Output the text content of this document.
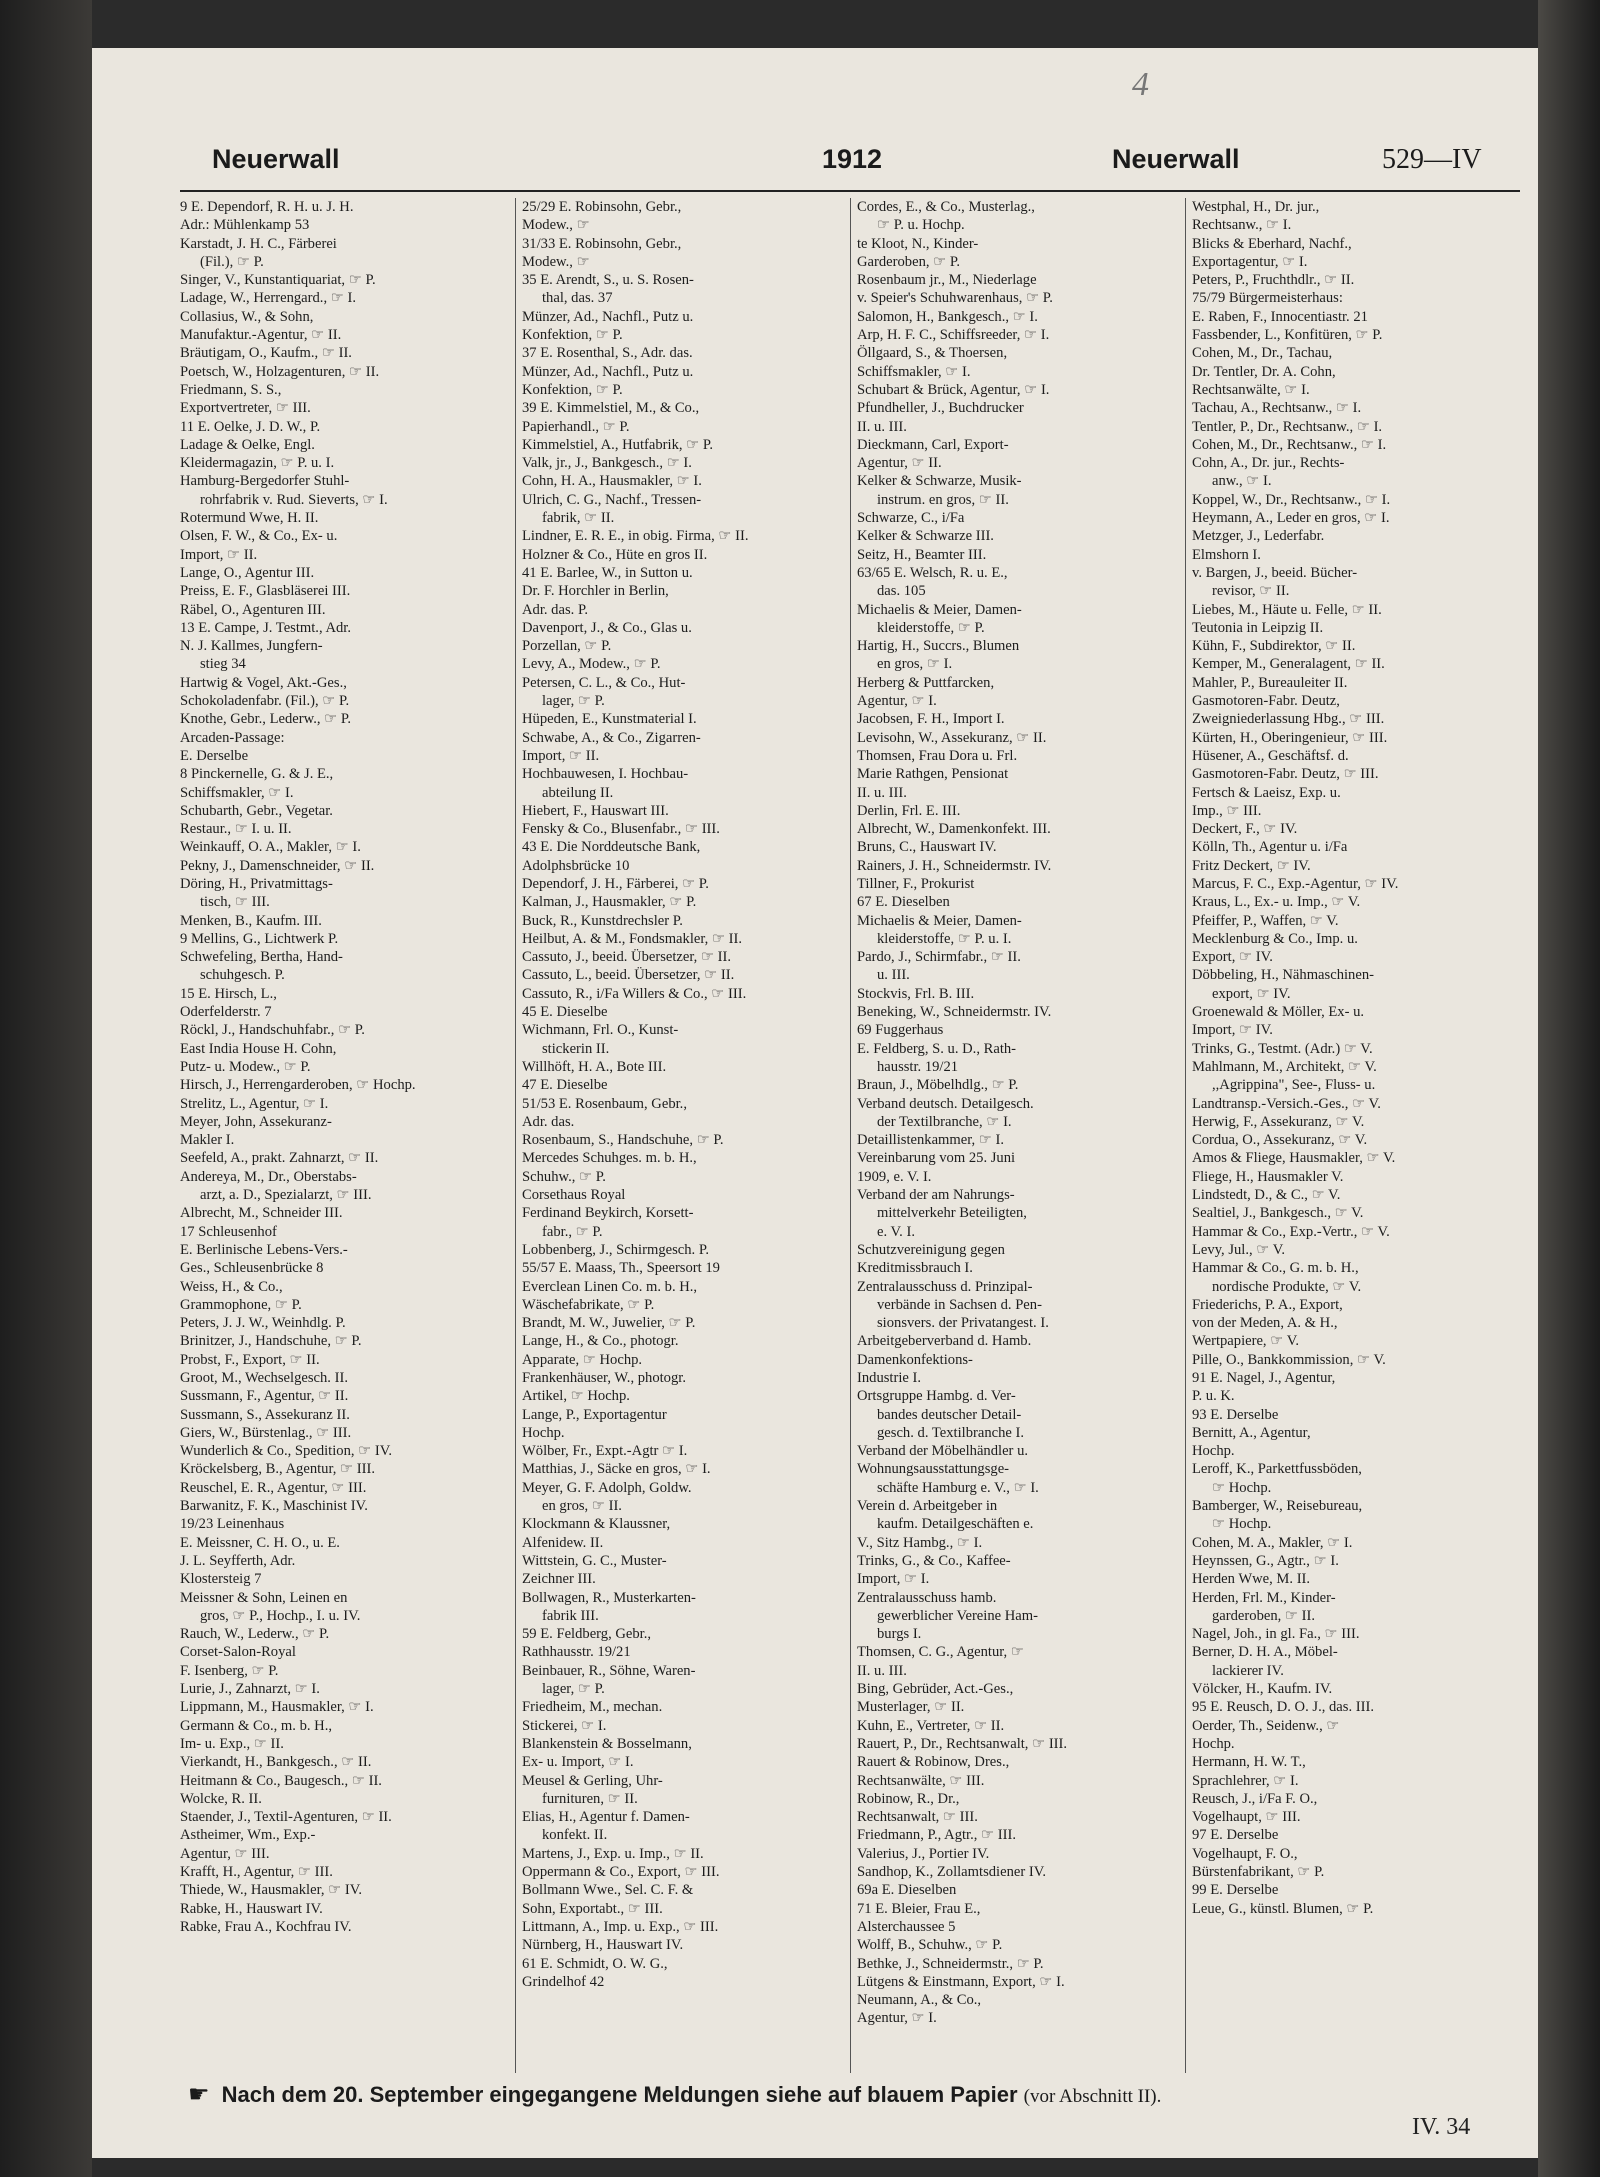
4
Neuerwall	1912	Neuerwall	529—IV

9 E. Dependorf, R. H. u. J. H.

Adr.: Mühlenkamp 53

Karstadt, J. H. C., Färberei

(Fil.), ☞ P.

Singer, V., Kunstantiquariat, ☞ P.

Ladage, W., Herrengard., ☞ I.

Collasius, W., & Sohn,

Manufaktur.-Agentur, ☞ II.

Bräutigam, O., Kaufm., ☞ II.

Poetsch, W., Holzagenturen, ☞ II.

Friedmann, S. S.,

Exportvertreter, ☞ III.

11 E. Oelke, J. D. W., P.

Ladage & Oelke, Engl.

Kleidermagazin, ☞ P. u. I.

Hamburg-Bergedorfer Stuhl-

rohrfabrik v. Rud. Sieverts, ☞ I.

Rotermund Wwe, H. II.

Olsen, F. W., & Co., Ex- u.

Import, ☞ II.

Lange, O., Agentur III.

Preiss, E. F., Glasbläserei III.

Räbel, O., Agenturen III.

13 E. Campe, J. Testmt., Adr.

N. J. Kallmes, Jungfern-

stieg 34

Hartwig & Vogel, Akt.-Ges.,

Schokoladenfabr. (Fil.), ☞ P.

Knothe, Gebr., Lederw., ☞ P.

Arcaden-Passage:

E. Derselbe

8 Pinckernelle, G. & J. E.,

Schiffsmakler, ☞ I.

Schubarth, Gebr., Vegetar.

Restaur., ☞ I. u. II.

Weinkauff, O. A., Makler, ☞ I.

Pekny, J., Damenschneider, ☞ II.

Döring, H., Privatmittags-

tisch, ☞ III.

Menken, B., Kaufm. III.

9 Mellins, G., Lichtwerk P.

Schwefeling, Bertha, Hand-

schuhgesch. P.

15 E. Hirsch, L.,

Oderfelderstr. 7

Röckl, J., Handschuhfabr., ☞ P.

East India House H. Cohn,

Putz- u. Modew., ☞ P.

Hirsch, J., Herrengarderoben, ☞ Hochp.

Strelitz, L., Agentur, ☞ I.

Meyer, John, Assekuranz-

Makler I.

Seefeld, A., prakt. Zahnarzt, ☞ II.

Andereya, M., Dr., Oberstabs-

arzt, a. D., Spezialarzt, ☞ III.

Albrecht, M., Schneider III.

17 Schleusenhof

E. Berlinische Lebens-Vers.-

Ges., Schleusenbrücke 8

Weiss, H., & Co.,

Grammophone, ☞ P.

Peters, J. J. W., Weinhdlg. P.

Brinitzer, J., Handschuhe, ☞ P.

Probst, F., Export, ☞ II.

Groot, M., Wechselgesch. II.

Sussmann, F., Agentur, ☞ II.

Sussmann, S., Assekuranz II.

Giers, W., Bürstenlag., ☞ III.

Wunderlich & Co., Spedition, ☞ IV.

Kröckelsberg, B., Agentur, ☞ III.

Reuschel, E. R., Agentur, ☞ III.

Barwanitz, F. K., Maschinist IV.

19/23 Leinenhaus

E. Meissner, C. H. O., u. E.

J. L. Seyfferth, Adr.

Klostersteig 7

Meissner & Sohn, Leinen en

gros, ☞ P., Hochp., I. u. IV.

Rauch, W., Lederw., ☞ P.

Corset-Salon-Royal

F. Isenberg, ☞ P.

Lurie, J., Zahnarzt, ☞ I.

Lippmann, M., Hausmakler, ☞ I.

Germann & Co., m. b. H.,

Im- u. Exp., ☞ II.

Vierkandt, H., Bankgesch., ☞ II.

Heitmann & Co., Baugesch., ☞ II.

Wolcke, R. II.

Staender, J., Textil-Agenturen, ☞ II.

Astheimer, Wm., Exp.-

Agentur, ☞ III.

Krafft, H., Agentur, ☞ III.

Thiede, W., Hausmakler, ☞ IV.

Rabke, H., Hauswart IV.

Rabke, Frau A., Kochfrau IV.

25/29 E. Robinsohn, Gebr.,

Modew., ☞

31/33 E. Robinsohn, Gebr.,

Modew., ☞

35 E. Arendt, S., u. S. Rosen-

thal, das. 37

Münzer, Ad., Nachfl., Putz u.

Konfektion, ☞ P.

37 E. Rosenthal, S., Adr. das.

Münzer, Ad., Nachfl., Putz u.

Konfektion, ☞ P.

39 E. Kimmelstiel, M., & Co.,

Papierhandl., ☞ P.

Kimmelstiel, A., Hutfabrik, ☞ P.

Valk, jr., J., Bankgesch., ☞ I.

Cohn, H. A., Hausmakler, ☞ I.

Ulrich, C. G., Nachf., Tressen-

fabrik, ☞ II.

Lindner, E. R. E., in obig. Firma, ☞ II.

Holzner & Co., Hüte en gros II.

41 E. Barlee, W., in Sutton u.

Dr. F. Horchler in Berlin,

Adr. das. P.

Davenport, J., & Co., Glas u.

Porzellan, ☞ P.

Levy, A., Modew., ☞ P.

Petersen, C. L., & Co., Hut-

lager, ☞ P.

Hüpeden, E., Kunstmaterial I.

Schwabe, A., & Co., Zigarren-

Import, ☞ II.

Hochbauwesen, I. Hochbau-

abteilung II.

Hiebert, F., Hauswart III.

Fensky & Co., Blusenfabr., ☞ III.

43 E. Die Norddeutsche Bank,

Adolphsbrücke 10

Dependorf, J. H., Färberei, ☞ P.

Kalman, J., Hausmakler, ☞ P.

Buck, R., Kunstdrechsler P.

Heilbut, A. & M., Fondsmakler, ☞ II.

Cassuto, J., beeid. Übersetzer, ☞ II.

Cassuto, L., beeid. Übersetzer, ☞ II.

Cassuto, R., i/Fa Willers & Co., ☞ III.

45 E. Dieselbe

Wichmann, Frl. O., Kunst-

stickerin II.

Willhöft, H. A., Bote III.

47 E. Dieselbe

51/53 E. Rosenbaum, Gebr.,

Adr. das.

Rosenbaum, S., Handschuhe, ☞ P.

Mercedes Schuhges. m. b. H.,

Schuhw., ☞ P.

Corsethaus Royal

Ferdinand Beykirch, Korsett-

fabr., ☞ P.

Lobbenberg, J., Schirmgesch. P.

55/57 E. Maass, Th., Speersort 19

Everclean Linen Co. m. b. H.,

Wäschefabrikate, ☞ P.

Brandt, M. W., Juwelier, ☞ P.

Lange, H., & Co., photogr.

Apparate, ☞ Hochp.

Frankenhäuser, W., photogr.

Artikel, ☞ Hochp.

Lange, P., Exportagentur

Hochp.

Wölber, Fr., Expt.-Agtr ☞ I.

Matthias, J., Säcke en gros, ☞ I.

Meyer, G. F. Adolph, Goldw.

en gros, ☞ II.

Klockmann & Klaussner,

Alfenidew. II.

Wittstein, G. C., Muster-

Zeichner III.

Bollwagen, R., Musterkarten-

fabrik III.

59 E. Feldberg, Gebr.,

Rathhausstr. 19/21

Beinbauer, R., Söhne, Waren-

lager, ☞ P.

Friedheim, M., mechan.

Stickerei, ☞ I.

Blankenstein & Bosselmann,

Ex- u. Import, ☞ I.

Meusel & Gerling, Uhr-

furnituren, ☞ II.

Elias, H., Agentur f. Damen-

konfekt. II.

Martens, J., Exp. u. Imp., ☞ II.

Oppermann & Co., Export, ☞ III.

Bollmann Wwe., Sel. C. F. &

Sohn, Exportabt., ☞ III.

Littmann, A., Imp. u. Exp., ☞ III.

Nürnberg, H., Hauswart IV.

61 E. Schmidt, O. W. G.,

Grindelhof 42

Cordes, E., & Co., Musterlag.,

☞ P. u. Hochp.

te Kloot, N., Kinder-

Garderoben, ☞ P.

Rosenbaum jr., M., Niederlage

v. Speier's Schuhwarenhaus, ☞ P.

Salomon, H., Bankgesch., ☞ I.

Arp, H. F. C., Schiffsreeder, ☞ I.

Öllgaard, S., & Thoersen,

Schiffsmakler, ☞ I.

Schubart & Brück, Agentur, ☞ I.

Pfundheller, J., Buchdrucker

II. u. III.

Dieckmann, Carl, Export-

Agentur, ☞ II.

Kelker & Schwarze, Musik-

instrum. en gros, ☞ II.

Schwarze, C., i/Fa

Kelker & Schwarze III.

Seitz, H., Beamter III.

63/65 E. Welsch, R. u. E.,

das. 105

Michaelis & Meier, Damen-

kleiderstoffe, ☞ P.

Hartig, H., Succrs., Blumen

en gros, ☞ I.

Herberg & Puttfarcken,

Agentur, ☞ I.

Jacobsen, F. H., Import I.

Levisohn, W., Assekuranz, ☞ II.

Thomsen, Frau Dora u. Frl.

Marie Rathgen, Pensionat

II. u. III.

Derlin, Frl. E. III.

Albrecht, W., Damenkonfekt. III.

Bruns, C., Hauswart IV.

Rainers, J. H., Schneidermstr. IV.

Tillner, F., Prokurist

67 E. Dieselben

Michaelis & Meier, Damen-

kleiderstoffe, ☞ P. u. I.

Pardo, J., Schirmfabr., ☞ II.

u. III.

Stockvis, Frl. B. III.

Beneking, W., Schneidermstr. IV.

69 Fuggerhaus

E. Feldberg, S. u. D., Rath-

hausstr. 19/21

Braun, J., Möbelhdlg., ☞ P.

Verband deutsch. Detailgesch.

der Textilbranche, ☞ I.

Detaillistenkammer, ☞ I.

Vereinbarung vom 25. Juni

1909, e. V. I.

Verband der am Nahrungs-

mittelverkehr Beteiligten,

e. V. I.

Schutzvereinigung gegen

Kreditmissbrauch I.

Zentralausschuss d. Prinzipal-

verbände in Sachsen d. Pen-

sionsvers. der Privatangest. I.

Arbeitgeberverband d. Hamb.

Damenkonfektions-

Industrie I.

Ortsgruppe Hambg. d. Ver-

bandes deutscher Detail-

gesch. d. Textilbranche I.

Verband der Möbelhändler u.

Wohnungsausstattungsge-

schäfte Hamburg e. V., ☞ I.

Verein d. Arbeitgeber in

kaufm. Detailgeschäften e.

V., Sitz Hambg., ☞ I.

Trinks, G., & Co., Kaffee-

Import, ☞ I.

Zentralausschuss hamb.

gewerblicher Vereine Ham-

burgs I.

Thomsen, C. G., Agentur, ☞

II. u. III.

Bing, Gebrüder, Act.-Ges.,

Musterlager, ☞ II.

Kuhn, E., Vertreter, ☞ II.

Rauert, P., Dr., Rechtsanwalt, ☞ III.

Rauert & Robinow, Dres.,

Rechtsanwälte, ☞ III.

Robinow, R., Dr.,

Rechtsanwalt, ☞ III.

Friedmann, P., Agtr., ☞ III.

Valerius, J., Portier IV.

Sandhop, K., Zollamtsdiener IV.

69a E. Dieselben

71 E. Bleier, Frau E.,

Alsterchaussee 5

Wolff, B., Schuhw., ☞ P.

Bethke, J., Schneidermstr., ☞ P.

Lütgens & Einstmann, Export, ☞ I.

Neumann, A., & Co.,

Agentur, ☞ I.

Westphal, H., Dr. jur.,

Rechtsanw., ☞ I.

Blicks & Eberhard, Nachf.,

Exportagentur, ☞ I.

Peters, P., Fruchthdlr., ☞ II.

75/79 Bürgermeisterhaus:

E. Raben, F., Innocentiastr. 21

Fassbender, L., Konfitüren, ☞ P.

Cohen, M., Dr., Tachau,

Dr. Tentler, Dr. A. Cohn,

Rechtsanwälte, ☞ I.

Tachau, A., Rechtsanw., ☞ I.

Tentler, P., Dr., Rechtsanw., ☞ I.

Cohen, M., Dr., Rechtsanw., ☞ I.

Cohn, A., Dr. jur., Rechts-

anw., ☞ I.

Koppel, W., Dr., Rechtsanw., ☞ I.

Heymann, A., Leder en gros, ☞ I.

Metzger, J., Lederfabr.

Elmshorn I.

v. Bargen, J., beeid. Bücher-

revisor, ☞ II.

Liebes, M., Häute u. Felle, ☞ II.

Teutonia in Leipzig II.

Kühn, F., Subdirektor, ☞ II.

Kemper, M., Generalagent, ☞ II.

Mahler, P., Bureauleiter II.

Gasmotoren-Fabr. Deutz,

Zweigniederlassung Hbg., ☞ III.

Kürten, H., Oberingenieur, ☞ III.

Hüsener, A., Geschäftsf. d.

Gasmotoren-Fabr. Deutz, ☞ III.

Fertsch & Laeisz, Exp. u.

Imp., ☞ III.

Deckert, F., ☞ IV.

Kölln, Th., Agentur u. i/Fa

Fritz Deckert, ☞ IV.

Marcus, F. C., Exp.-Agentur, ☞ IV.

Kraus, L., Ex.- u. Imp., ☞ V.

Pfeiffer, P., Waffen, ☞ V.

Mecklenburg & Co., Imp. u.

Export, ☞ IV.

Döbbeling, H., Nähmaschinen-

export, ☞ IV.

Groenewald & Möller, Ex- u.

Import, ☞ IV.

Trinks, G., Testmt. (Adr.) ☞ V.

Mahlmann, M., Architekt, ☞ V.

,,Agrippina", See-, Fluss- u.

Landtransp.-Versich.-Ges., ☞ V.

Herwig, F., Assekuranz, ☞ V.

Cordua, O., Assekuranz, ☞ V.

Amos & Fliege, Hausmakler, ☞ V.

Fliege, H., Hausmakler V.

Lindstedt, D., & C., ☞ V.

Sealtiel, J., Bankgesch., ☞ V.

Hammar & Co., Exp.-Vertr., ☞ V.

Levy, Jul., ☞ V.

Hammar & Co., G. m. b. H.,

nordische Produkte, ☞ V.

Friederichs, P. A., Export,

von der Meden, A. & H.,

Wertpapiere, ☞ V.

Pille, O., Bankkommission, ☞ V.

91 E. Nagel, J., Agentur,

P. u. K.

93 E. Derselbe

Bernitt, A., Agentur,

Hochp.

Leroff, K., Parkettfussböden,

☞ Hochp.

Bamberger, W., Reisebureau,

☞ Hochp.

Cohen, M. A., Makler, ☞ I.

Heynssen, G., Agtr., ☞ I.

Herden Wwe, M. II.

Herden, Frl. M., Kinder-

garderoben, ☞ II.

Nagel, Joh., in gl. Fa., ☞ III.

Berner, D. H. A., Möbel-

lackierer IV.

Völcker, H., Kaufm. IV.

95 E. Reusch, D. O. J., das. III.

Oerder, Th., Seidenw., ☞

Hochp.

Hermann, H. W. T.,

Sprachlehrer, ☞ I.

Reusch, J., i/Fa F. O.,

Vogelhaupt, ☞ III.

97 E. Derselbe

Vogelhaupt, F. O.,

Bürstenfabrikant, ☞ P.

99 E. Derselbe

Leue, G., künstl. Blumen, ☞ P.

☛ Nach dem 20. September eingegangene Meldungen siehe auf blauem Papier (vor Abschnitt II).
IV. 34
